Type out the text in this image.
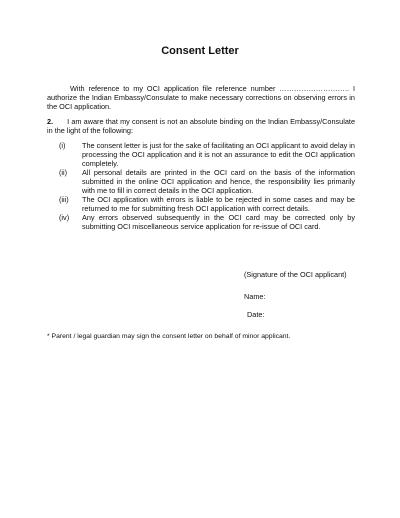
Consent Letter
With reference to my OCI application file reference number ……………………….. I authorize the Indian Embassy/Consulate to make necessary corrections on observing errors in the OCI application.
2. I am aware that my consent is not an absolute binding on the Indian Embassy/Consulate in the light of the following:
(i)	The consent letter is just for the sake of facilitating an OCI applicant to avoid delay in processing the OCI application and it is not an assurance to edit the OCI application completely.
(ii)	All personal details are printed in the OCI card on the basis of the information submitted in the online OCI application and hence, the responsibility lies primarily with me to fill in correct details in the OCI application.
(iii)	The OCI application with errors is liable to be rejected in some cases and may be returned to me for submitting fresh OCI application with correct details.
(iv)	Any errors observed subsequently in the OCI card may be corrected only by submitting OCI miscellaneous service application for re-issue of OCI card.
(Signature of the OCI applicant)
Name:
Date:
* Parent / legal guardian may sign the consent letter on behalf of minor applicant.
